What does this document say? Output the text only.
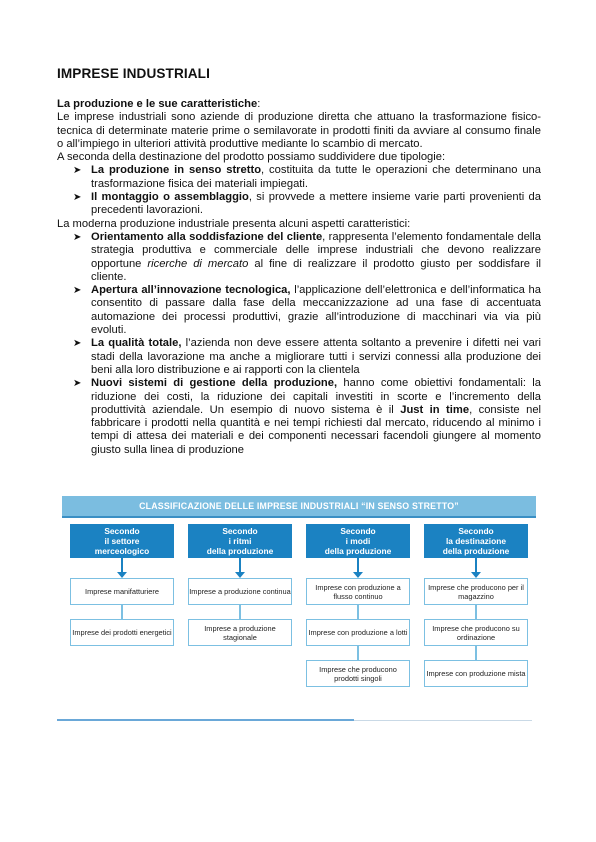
IMPRESE INDUSTRIALI

La produzione e le sue caratteristiche:

Le imprese industriali sono aziende di produzione diretta che attuano la trasformazione fisico-tecnica di determinate materie prime o semilavorate in prodotti finiti da avviare al consumo finale o all’impiego in ulteriori attività produttive mediante lo scambio di mercato.

A seconda della destinazione del prodotto possiamo suddividere due tipologie:

➤ La produzione in senso stretto, costituita da tutte le operazioni che determinano una trasformazione fisica dei materiali impiegati.
➤ Il montaggio o assemblaggio, si provvede a mettere insieme varie parti provenienti da precedenti lavorazioni.

La moderna produzione industriale presenta alcuni aspetti caratteristici:

➤ Orientamento alla soddisfazione del cliente, rappresenta l’elemento fondamentale della strategia produttiva e commerciale delle imprese industriali che devono realizzare opportune ricerche di mercato al fine di realizzare il prodotto giusto per soddisfare il cliente.
➤ Apertura all’innovazione tecnologica, l’applicazione dell’elettronica e dell’informatica ha consentito di passare dalla fase della meccanizzazione ad una fase di accentuata automazione dei processi produttivi, grazie all’introduzione di macchinari via via più evoluti.
➤ La qualità totale, l’azienda non deve essere attenta soltanto a prevenire i difetti nei vari stadi della lavorazione ma anche a migliorare tutti i servizi connessi alla produzione dei beni alla loro distribuzione e ai rapporti con la clientela
➤ Nuovi sistemi di gestione della produzione, hanno come obiettivi fondamentali: la riduzione dei costi, la riduzione dei capitali investiti in scorte e l’incremento della produttività aziendale. Un esempio di nuovo sistema è il Just in time, consiste nel fabbricare i prodotti nella quantità e nei tempi richiesti dal mercato, riducendo al minimo i tempi di attesa dei materiali e dei componenti necessari facendoli giungere al momento giusto sulla linea di produzione
CLASSIFICAZIONE DELLE IMPRESE INDUSTRIALI “IN SENSO STRETTO”
Secondo
il settore
merceologico
Imprese manifatturiere
Imprese dei prodotti energetici
Secondo
i ritmi
della produzione
Imprese a produzione continua
Imprese a produzione stagionale
Secondo
i modi
della produzione
Imprese con produzione a flusso continuo
Imprese con produzione a lotti
Imprese che producono prodotti singoli
Secondo
la destinazione
della produzione
Imprese che producono per il magazzino
Imprese che producono su ordinazione
Imprese con produzione mista
